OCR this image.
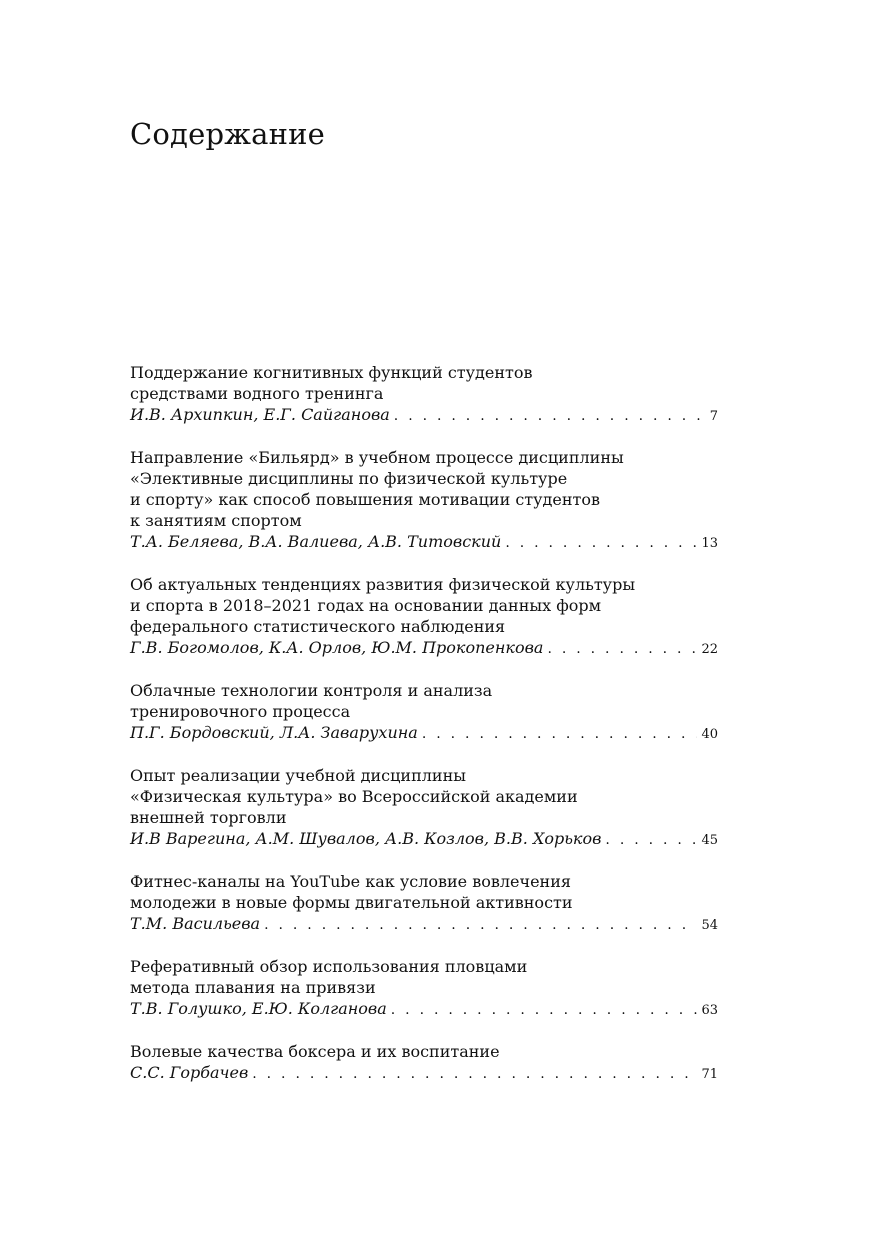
Содержание
Поддержание когнитивных функций студентов
средствами водного тренинга
И.В. Архипкин, Е.Г. Сайганова . . .	7
Направление «Бильярд» в учебном процессе дисциплины
«Элективные дисциплины по физической культуре
и спорту» как способ повышения мотивации студентов
к занятиям спортом
Т.А. Беляева, В.А. Валиева, А.В. Титовский . . .	13
Об актуальных тенденциях развития физической культуры
и спорта в 2018–2021 годах на основании данных форм
федерального статистического наблюдения
Г.В. Богомолов, К.А. Орлов, Ю.М. Прокопенкова . . .	22
Облачные технологии контроля и анализа
тренировочного процесса
П.Г. Бордовский, Л.А. Заварухина . . .	40
Опыт реализации учебной дисциплины
«Физическая культура» во Всероссийской академии
внешней торговли
И.В Варегина, А.М. Шувалов, А.В. Козлов, В.В. Хорьков . . .	45
Фитнес-каналы на YouTube как условие вовлечения
молодежи в новые формы двигательной активности
Т.М. Васильева . . .	54
Реферативный обзор использования пловцами
метода плавания на привязи
Т.В. Голушко, Е.Ю. Колганова . . .	63
Волевые качества боксера и их воспитание
С.С. Горбачев . . .	71
